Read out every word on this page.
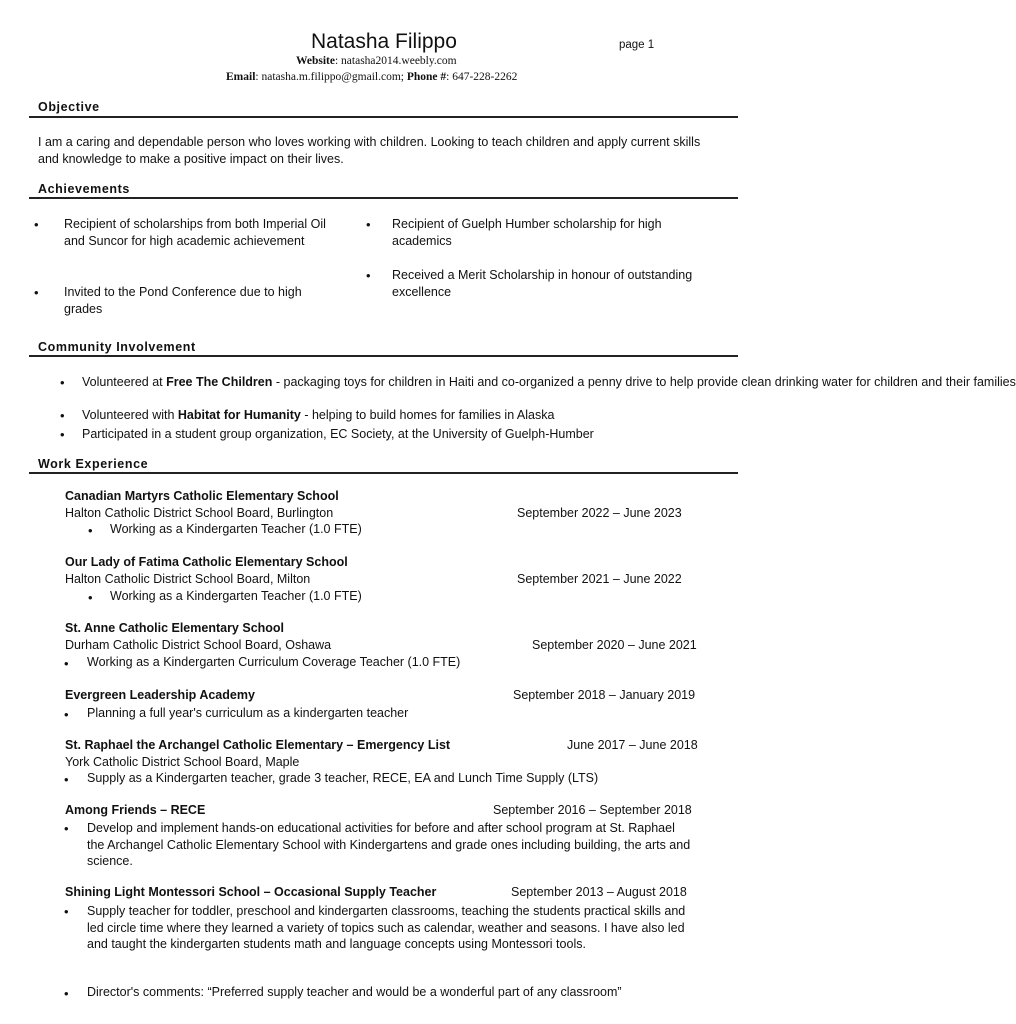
Natasha Filippo	page 1
Website: natasha2014.weebly.com
Email: natasha.m.filippo@gmail.com; Phone #: 647-228-2262
Objective
I am a caring and dependable person who loves working with children. Looking to teach children and apply current skills and knowledge to make a positive impact on their lives.
Achievements
• Recipient of scholarships from both Imperial Oil and Suncor for high academic achievement
• Invited to the Pond Conference due to high grades
• Recipient of Guelph Humber scholarship for high academics
• Received a Merit Scholarship in honour of outstanding excellence
Community Involvement
• Volunteered at Free The Children - packaging toys for children in Haiti and co-organized a penny drive to help provide clean drinking water for children and their families
• Volunteered with Habitat for Humanity - helping to build homes for families in Alaska
• Participated in a student group organization, EC Society, at the University of Guelph-Humber
Work Experience
Canadian Martyrs Catholic Elementary School
Halton Catholic District School Board, Burlington	September 2022 – June 2023
• Working as a Kindergarten Teacher (1.0 FTE)
Our Lady of Fatima Catholic Elementary School
Halton Catholic District School Board, Milton	September 2021 – June 2022
• Working as a Kindergarten Teacher (1.0 FTE)
St. Anne Catholic Elementary School
Durham Catholic District School Board, Oshawa	September 2020 – June 2021
• Working as a Kindergarten Curriculum Coverage Teacher (1.0 FTE)
Evergreen Leadership Academy	September 2018 – January 2019
• Planning a full year's curriculum as a kindergarten teacher
St. Raphael the Archangel Catholic Elementary – Emergency List	June 2017 – June 2018
York Catholic District School Board, Maple
• Supply as a Kindergarten teacher, grade 3 teacher, RECE, EA and Lunch Time Supply (LTS)
Among Friends – RECE	September 2016 – September 2018
• Develop and implement hands-on educational activities for before and after school program at St. Raphael the Archangel Catholic Elementary School with Kindergartens and grade ones including building, the arts and science.
Shining Light Montessori School – Occasional Supply Teacher	September 2013 – August 2018
• Supply teacher for toddler, preschool and kindergarten classrooms, teaching the students practical skills and led circle time where they learned a variety of topics such as calendar, weather and seasons. I have also led and taught the kindergarten students math and language concepts using Montessori tools.
• Director's comments: “Preferred supply teacher and would be a wonderful part of any classroom”
